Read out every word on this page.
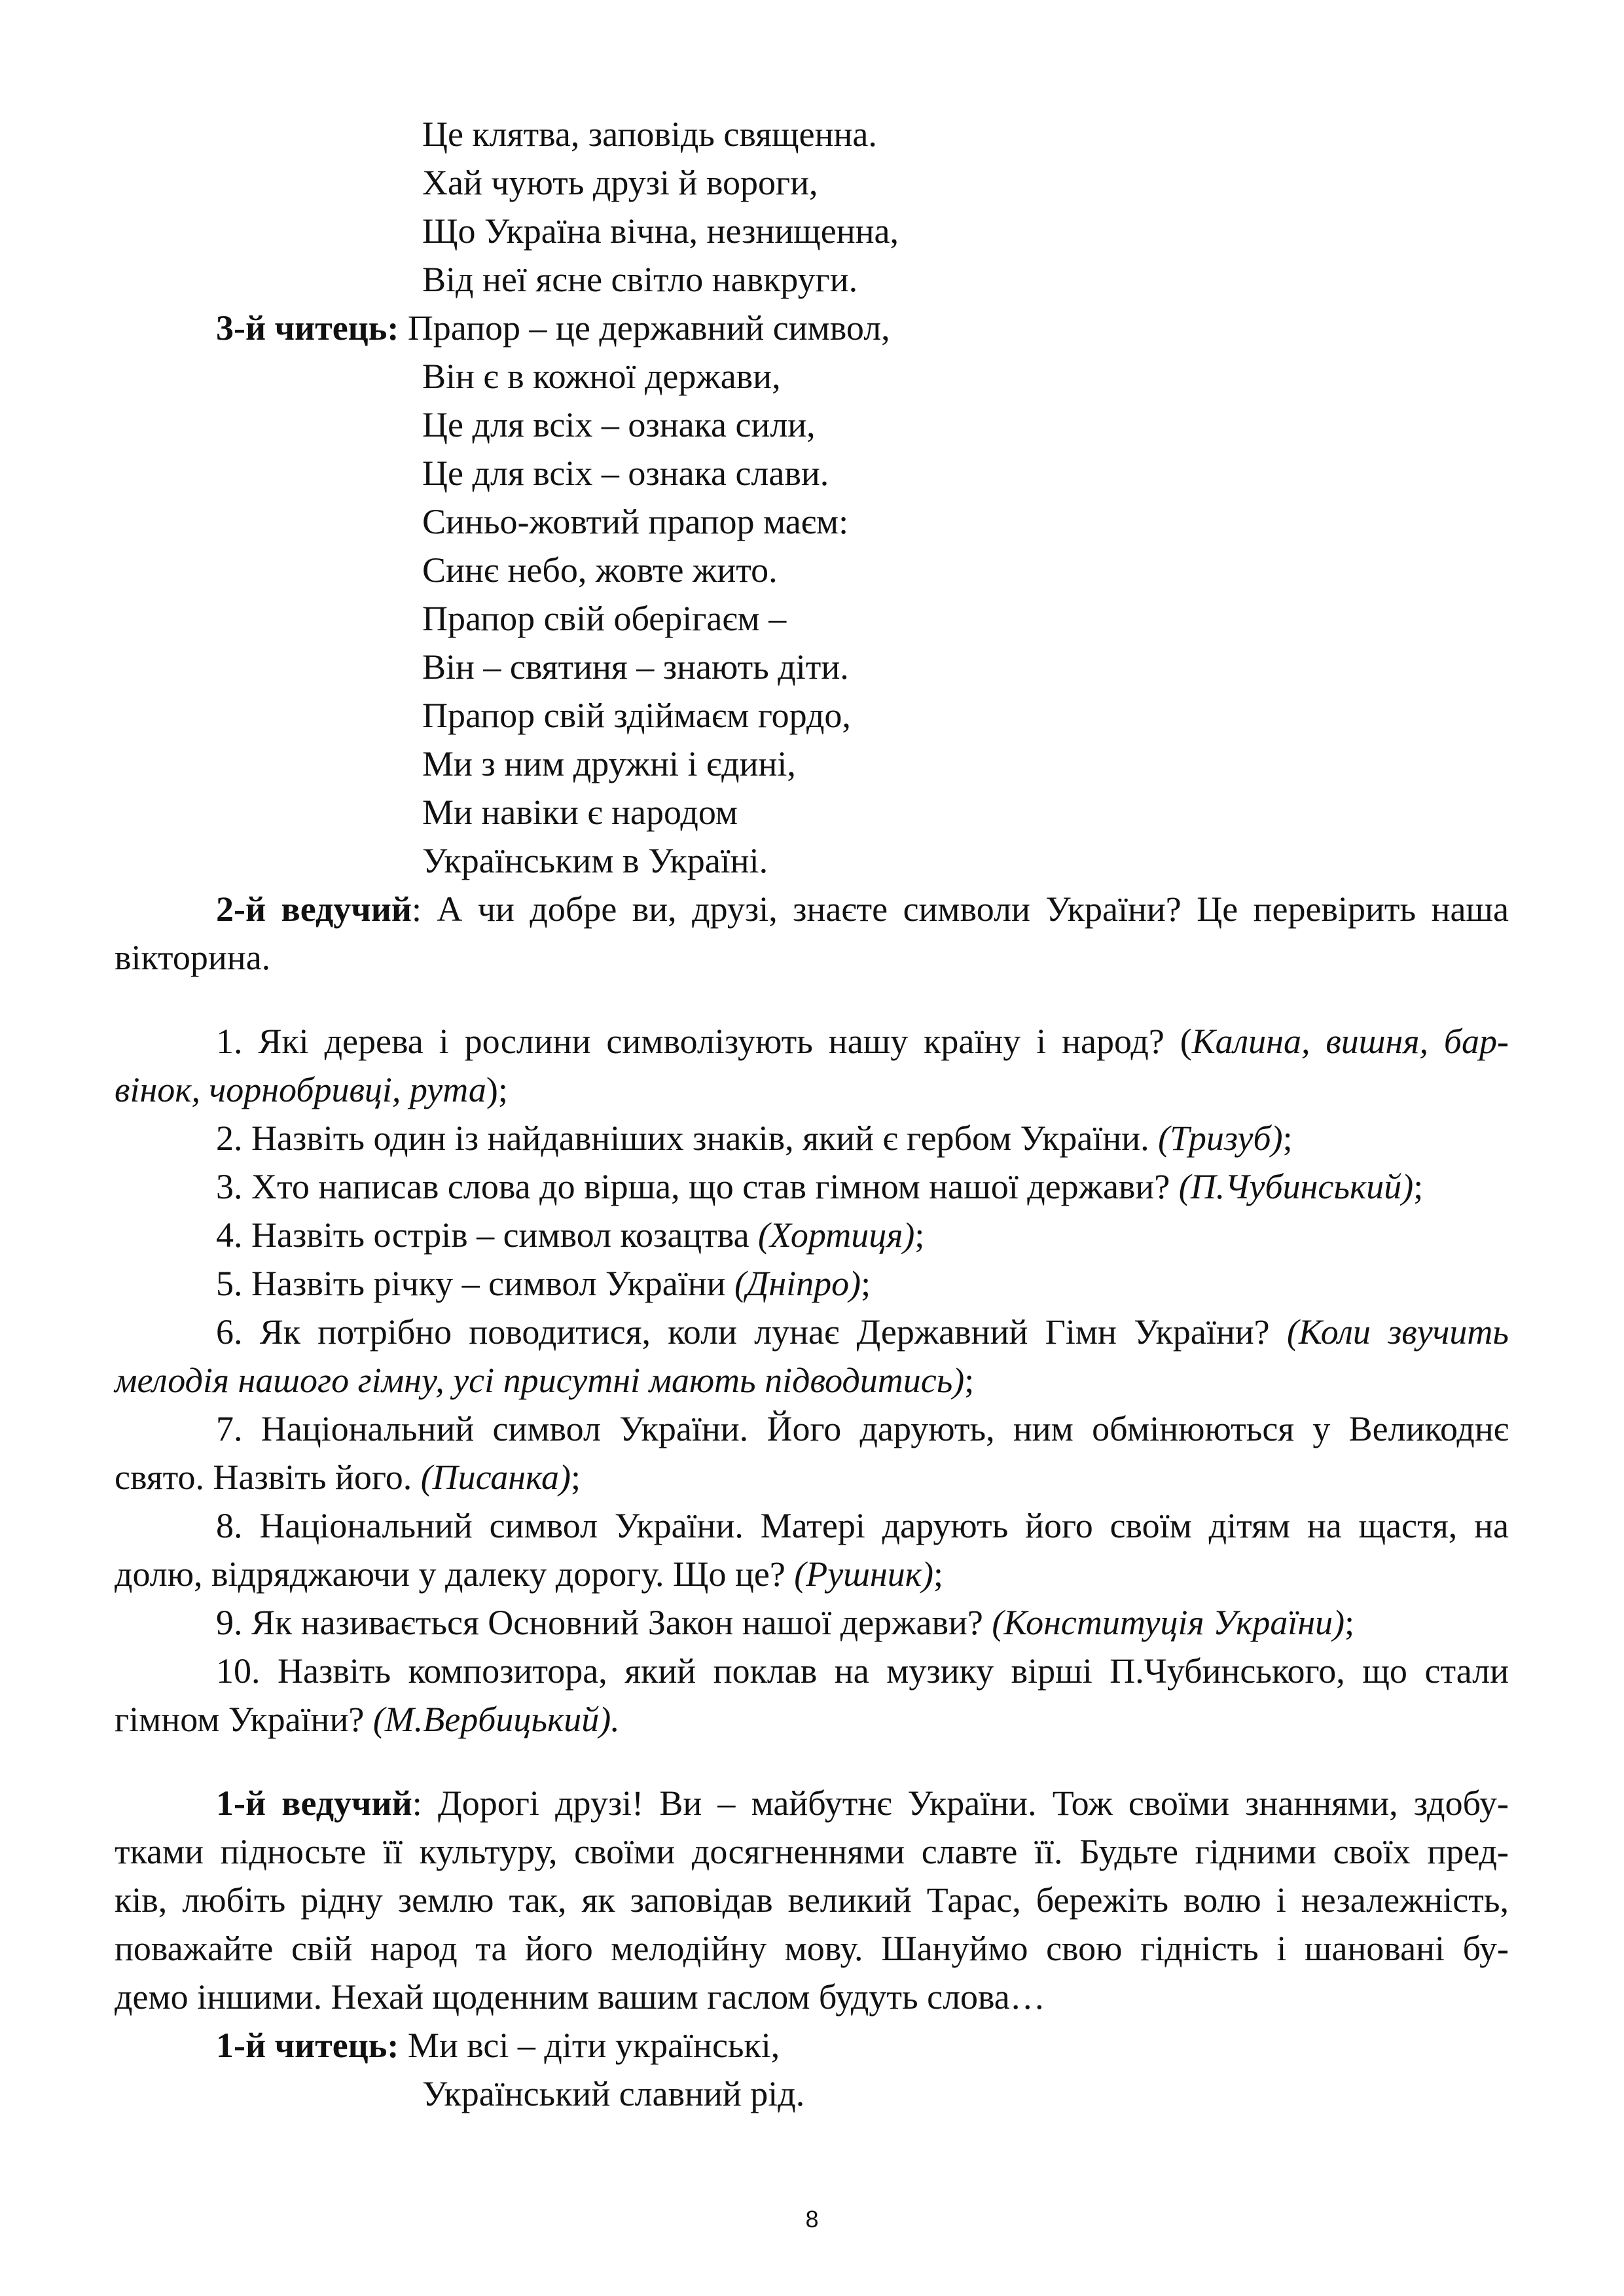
Це клятва, заповідь священна.
Хай чують друзі й вороги,
Що Україна вічна, незнищенна,
Від неї ясне світло навкруги.
3-й читець: Прапор – це державний символ,
Він є в кожної держави,
Це для всіх – ознака сили,
Це для всіх – ознака слави.
Синьо-жовтий прапор маєм:
Синє небо, жовте жито.
Прапор свій оберігаєм –
Він – святиня – знають діти.
Прапор свій здіймаєм гордо,
Ми з ним дружні і єдині,
Ми навіки є народом
Українським в Україні.
2-й ведучий: А чи добре ви, друзі, знаєте символи України? Це перевірить наша
вікторина.
1. Які дерева і рослини символізують нашу країну і народ? (Калина, вишня, бар-
вінок, чорнобривці, рута);
2. Назвіть один із найдавніших знаків, який є гербом України. (Тризуб);
3. Хто написав слова до вірша, що став гімном нашої держави? (П.Чубинський);
4. Назвіть острів – символ козацтва (Хортиця);
5. Назвіть річку – символ України (Дніпро);
6. Як потрібно поводитися, коли лунає Державний Гімн України? (Коли звучить
мелодія нашого гімну, усі присутні мають підводитись);
7. Національний символ України. Його дарують, ним обмінюються у Великоднє
свято. Назвіть його. (Писанка);
8. Національний символ України. Матері дарують його своїм дітям на щастя, на
долю, відряджаючи у далеку дорогу. Що це? (Рушник);
9. Як називається Основний Закон нашої держави? (Конституція України);
10. Назвіть композитора, який поклав на музику вірші П.Чубинського, що стали
гімном України? (М.Вербицький).
1-й ведучий: Дорогі друзі! Ви – майбутнє України. Тож своїми знаннями, здобу-
тками підносьте її культуру, своїми досягненнями славте її. Будьте гідними своїх пред-
ків, любіть рідну землю так, як заповідав великий Тарас, бережіть волю і незалежність,
поважайте свій народ та його мелодійну мову. Шануймо свою гідність і шановані бу-
демо іншими. Нехай щоденним вашим гаслом будуть слова…
1-й читець: Ми всі – діти українські,
Український славний рід.
8
